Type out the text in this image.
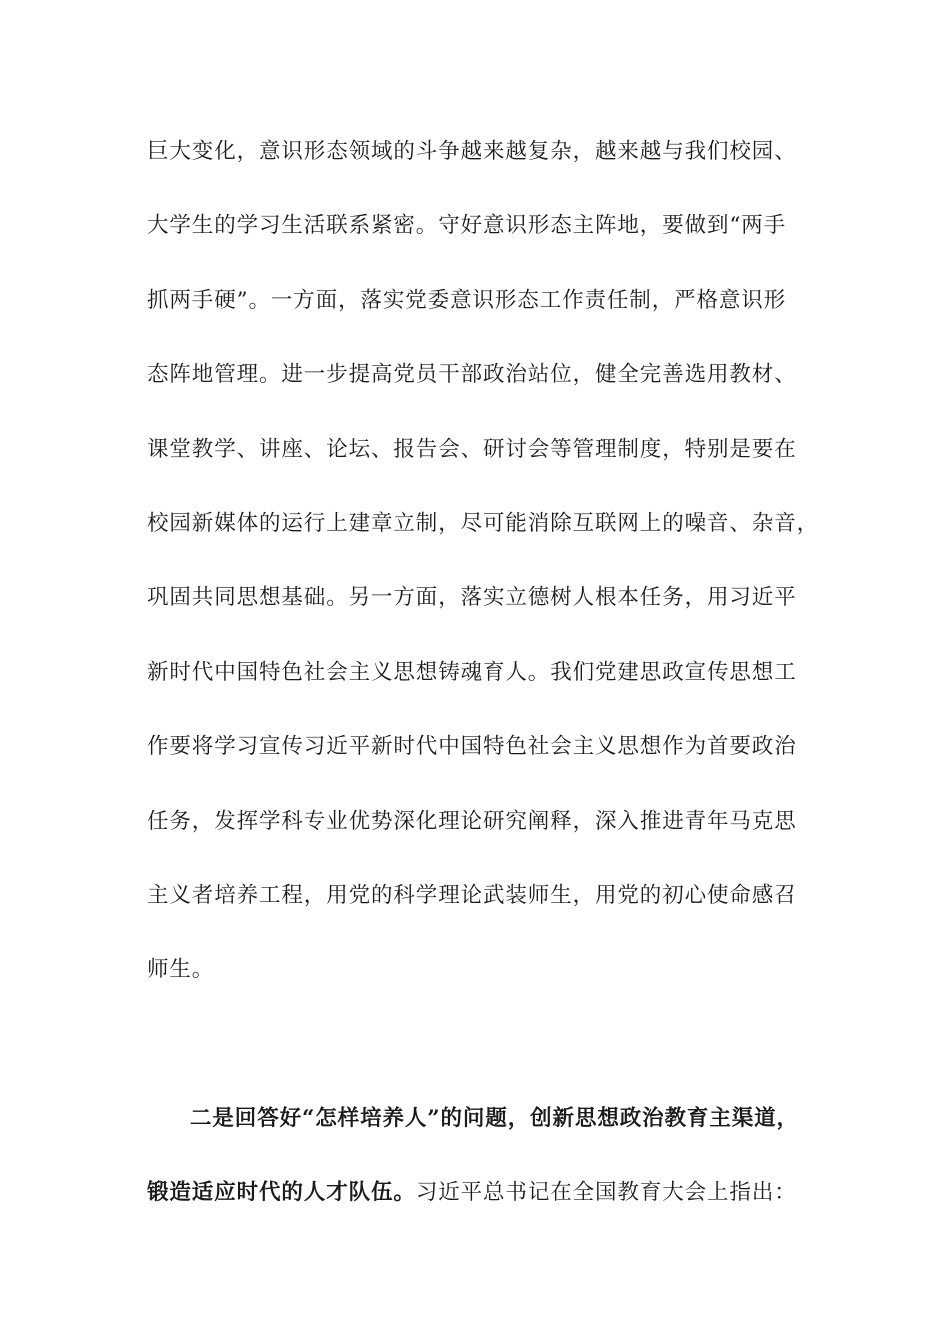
巨大变化，意识形态领域的斗争越来越复杂，越来越与我们校园、
大学生的学习生活联系紧密。守好意识形态主阵地，要做到“两手
抓两手硬”。一方面，落实党委意识形态工作责任制，严格意识形
态阵地管理。进一步提高党员干部政治站位，健全完善选用教材、
课堂教学、讲座、论坛、报告会、研讨会等管理制度，特别是要在
校园新媒体的运行上建章立制，尽可能消除互联网上的噪音、杂音，
巩固共同思想基础。另一方面，落实立德树人根本任务，用习近平
新时代中国特色社会主义思想铸魂育人。我们党建思政宣传思想工
作要将学习宣传习近平新时代中国特色社会主义思想作为首要政治
任务，发挥学科专业优势深化理论研究阐释，深入推进青年马克思
主义者培养工程，用党的科学理论武装师生，用党的初心使命感召
师生。
二是回答好“怎样培养人”的问题，创新思想政治教育主渠道，
锻造适应时代的人才队伍。习近平总书记在全国教育大会上指出：
